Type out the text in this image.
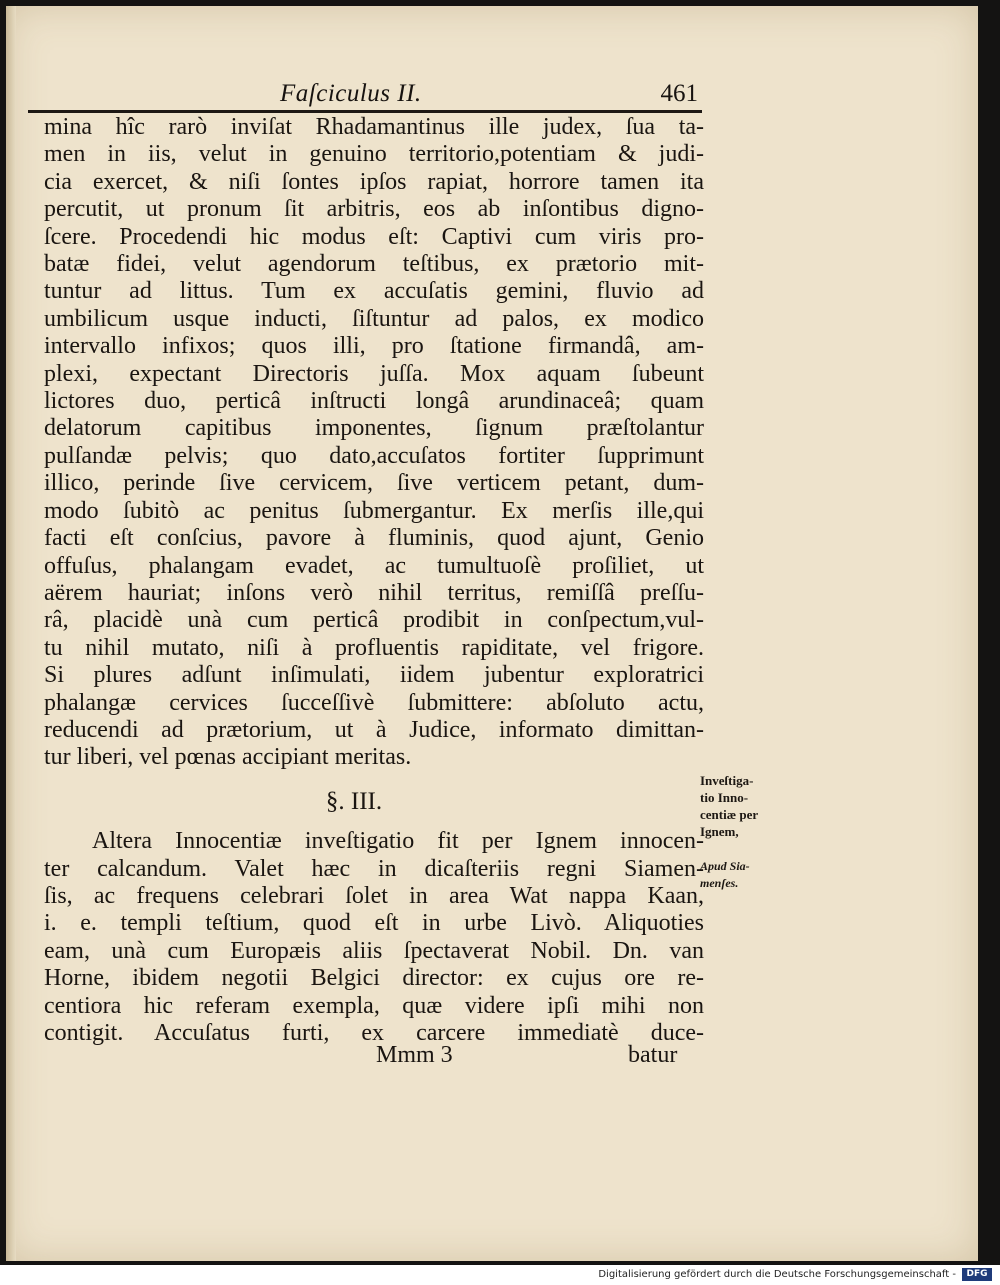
Faſciculus II.	461
mina hîc rarò inviſat Rhadamantinus ille judex, ſua ta-
men in iis, velut in genuino territorio,potentiam & judi-
cia exercet, & niſi ſontes ipſos rapiat, horrore tamen ita
percutit, ut pronum ſit arbitris, eos ab inſontibus digno-
ſcere. Procedendi hic modus eſt: Captivi cum viris pro-
batæ fidei, velut agendorum teſtibus, ex prætorio mit-
tuntur ad littus. Tum ex accuſatis gemini, fluvio ad
umbilicum usque inducti, ſiſtuntur ad palos, ex modico
intervallo infixos; quos illi, pro ſtatione firmandâ, am-
plexi, expectant Directoris juſſa. Mox aquam ſubeunt
lictores duo, perticâ inſtructi longâ arundinaceâ; quam
delatorum capitibus imponentes, ſignum præſtolantur
pulſandæ pelvis; quo dato,accuſatos fortiter ſupprimunt
illico, perinde ſive cervicem, ſive verticem petant, dum-
modo ſubitò ac penitus ſubmergantur. Ex merſis ille,qui
facti eſt conſcius, pavore à fluminis, quod ajunt, Genio
offuſus, phalangam evadet, ac tumultuoſè proſiliet, ut
aërem hauriat; inſons verò nihil territus, remiſſâ preſſu-
râ, placidè unà cum perticâ prodibit in conſpectum,vul-
tu nihil mutato, niſi à profluentis rapiditate, vel frigore.
Si plures adſunt inſimulati, iidem jubentur exploratrici
phalangæ cervices ſucceſſivè ſubmittere: abſoluto actu,
reducendi ad prætorium, ut à Judice, informato dimittan-
tur liberi, vel pœnas accipiant meritas.
§. III.
Altera Innocentiæ inveſtigatio fit per Ignem innocen-
ter calcandum. Valet hæc in dicaſteriis regni Siamen-
ſis, ac frequens celebrari ſolet in area Wat nappa Kaan,
i. e. templi teſtium, quod eſt in urbe Livò. Aliquoties
eam, unà cum Europæis aliis ſpectaverat Nobil. Dn. van
Horne, ibidem negotii Belgici director: ex cujus ore re-
centiora hic referam exempla, quæ videre ipſi mihi non
contigit. Accuſatus furti, ex carcere immediatè duce-
Inveſtiga-
tio Inno-
centiæ per
Ignem,
Apud Sia-
menſes.
Mmm 3	batur
Digitalisierung gefördert durch die Deutsche Forschungsgemeinschaft -	DFG
